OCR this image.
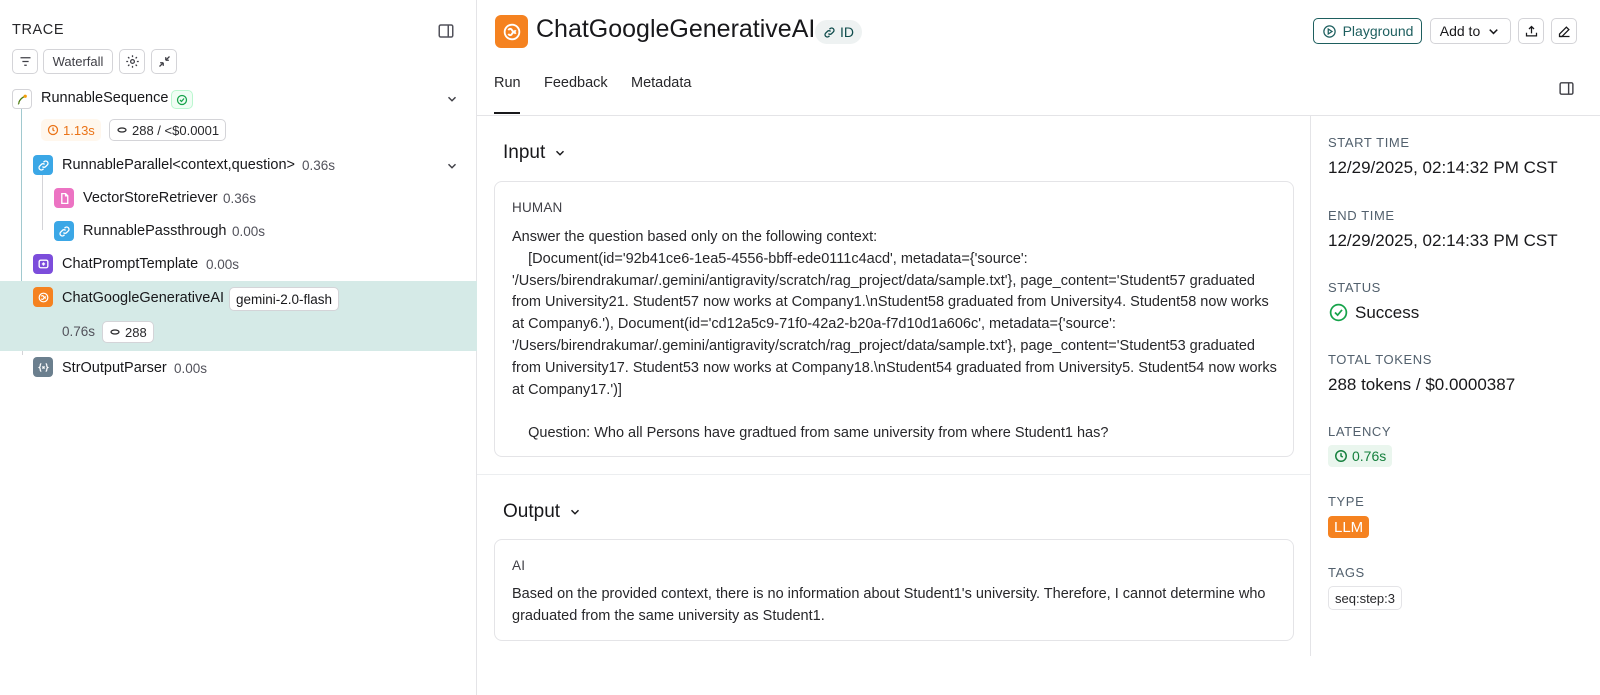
TRACE
Waterfall
RunnableSequence
1.13s	288 / <$0.0001
RunnableParallel<context,question> 0.36s
VectorStoreRetriever 0.36s
RunnablePassthrough 0.00s
ChatPromptTemplate 0.00s
ChatGoogleGenerativeAI gemini-2.0-flash
0.76s 288
StrOutputParser 0.00s
ChatGoogleGenerativeAI ID	Playground Add to
Run Feedback Metadata
Input
HUMAN
Answer the question based only on the following context:
[Document(id='92b41ce6-1ea5-4556-bbff-ede0111c4acd', metadata={'source': '/Users/birendrakumar/.gemini/antigravity/scratch/rag_project/data/sample.txt'}, page_content='Student57 graduated from University21. Student57 now works at Company1.\nStudent58 graduated from University4. Student58 now works at Company6.'), Document(id='cd12a5c9-71f0-42a2-b20a-f7d10d1a606c', metadata={'source': '/Users/birendrakumar/.gemini/antigravity/scratch/rag_project/data/sample.txt'}, page_content='Student53 graduated from University17. Student53 now works at Company18.\nStudent54 graduated from University5. Student54 now works at Company17.')]

Question: Who all Persons have gradtued from same university from where Student1 has?
Output
AI
Based on the provided context, there is no information about Student1's university. Therefore, I cannot determine who graduated from the same university as Student1.
START TIME
12/29/2025, 02:14:32 PM CST
END TIME
12/29/2025, 02:14:33 PM CST
STATUS
Success
TOTAL TOKENS
288 tokens / $0.0000387
LATENCY
0.76s
TYPE
LLM
TAGS
seq:step:3
